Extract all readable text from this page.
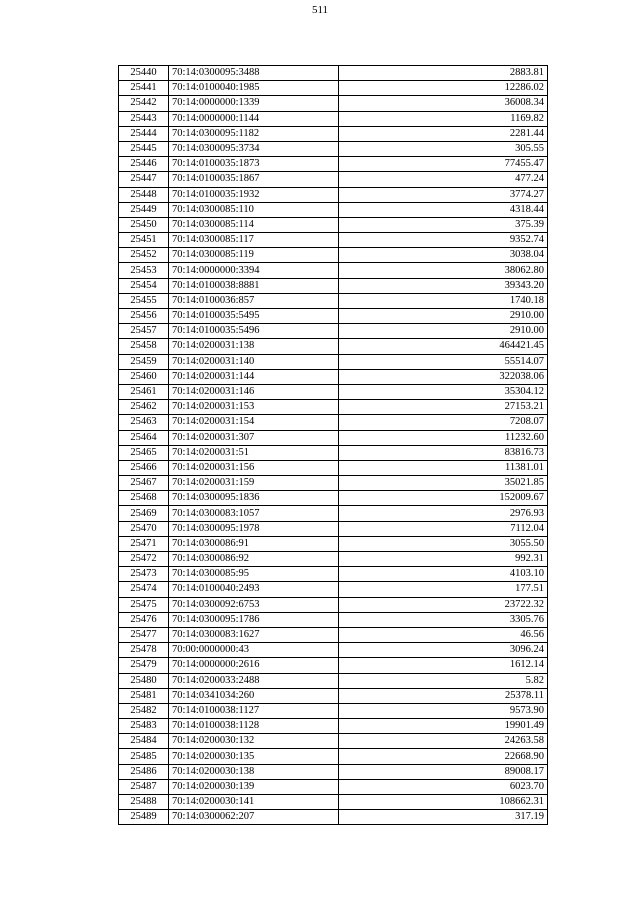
511
25440	70:14:0300095:3488	2883.81
25441	70:14:0100040:1985	12286.02
25442	70:14:0000000:1339	36008.34
25443	70:14:0000000:1144	1169.82
25444	70:14:0300095:1182	2281.44
25445	70:14:0300095:3734	305.55
25446	70:14:0100035:1873	77455.47
25447	70:14:0100035:1867	477.24
25448	70:14:0100035:1932	3774.27
25449	70:14:0300085:110	4318.44
25450	70:14:0300085:114	375.39
25451	70:14:0300085:117	9352.74
25452	70:14:0300085:119	3038.04
25453	70:14:0000000:3394	38062.80
25454	70:14:0100038:8881	39343.20
25455	70:14:0100036:857	1740.18
25456	70:14:0100035:5495	2910.00
25457	70:14:0100035:5496	2910.00
25458	70:14:0200031:138	464421.45
25459	70:14:0200031:140	55514.07
25460	70:14:0200031:144	322038.06
25461	70:14:0200031:146	35304.12
25462	70:14:0200031:153	27153.21
25463	70:14:0200031:154	7208.07
25464	70:14:0200031:307	11232.60
25465	70:14:0200031:51	83816.73
25466	70:14:0200031:156	11381.01
25467	70:14:0200031:159	35021.85
25468	70:14:0300095:1836	152009.67
25469	70:14:0300083:1057	2976.93
25470	70:14:0300095:1978	7112.04
25471	70:14:0300086:91	3055.50
25472	70:14:0300086:92	992.31
25473	70:14:0300085:95	4103.10
25474	70:14:0100040:2493	177.51
25475	70:14:0300092:6753	23722.32
25476	70:14:0300095:1786	3305.76
25477	70:14:0300083:1627	46.56
25478	70:00:0000000:43	3096.24
25479	70:14:0000000:2616	1612.14
25480	70:14:0200033:2488	5.82
25481	70:14:0341034:260	25378.11
25482	70:14:0100038:1127	9573.90
25483	70:14:0100038:1128	19901.49
25484	70:14:0200030:132	24263.58
25485	70:14:0200030:135	22668.90
25486	70:14:0200030:138	89008.17
25487	70:14:0200030:139	6023.70
25488	70:14:0200030:141	108662.31
25489	70:14:0300062:207	317.19
